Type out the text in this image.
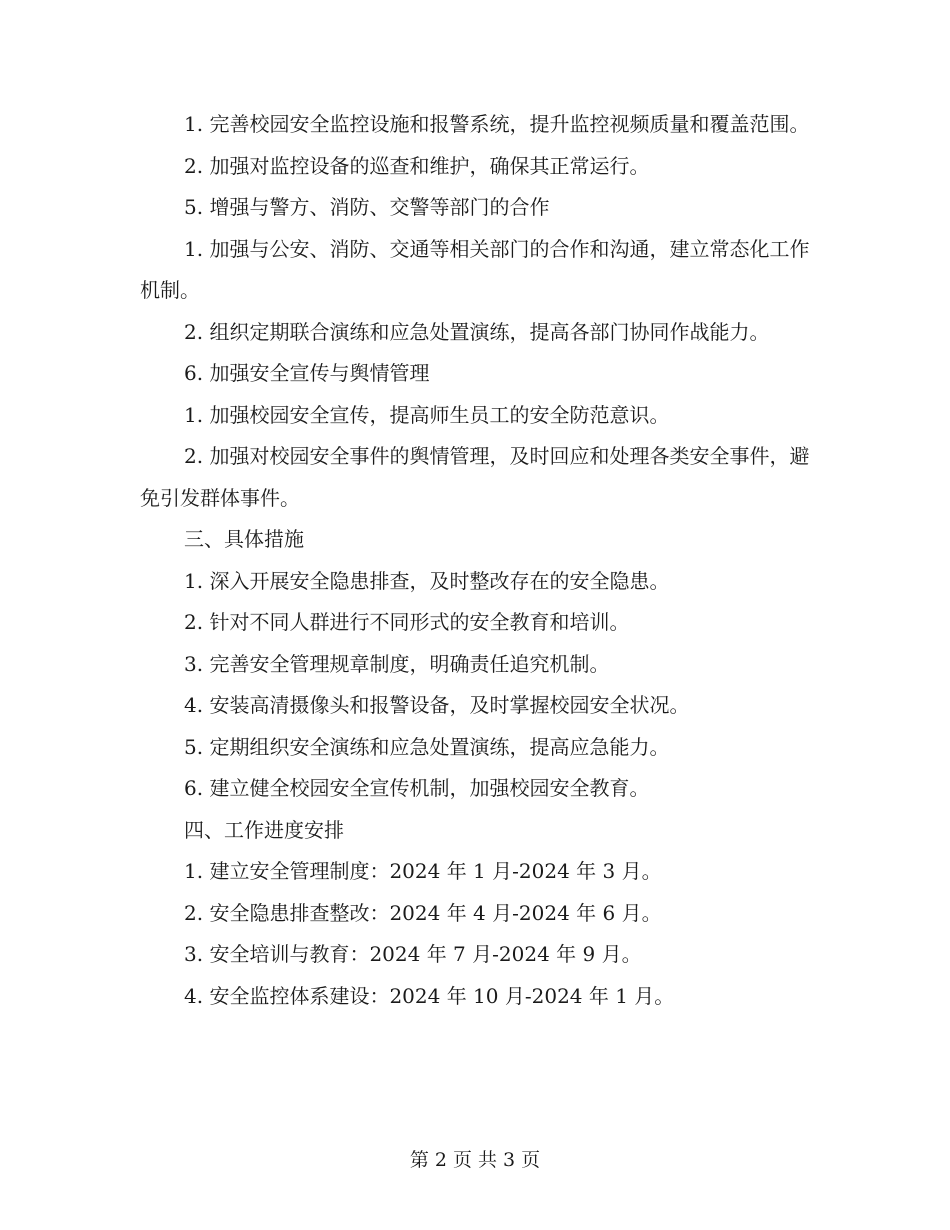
1. 完善校园安全监控设施和报警系统，提升监控视频质量和覆盖范围。

2. 加强对监控设备的巡查和维护，确保其正常运行。

5. 增强与警方、消防、交警等部门的合作

1. 加强与公安、消防、交通等相关部门的合作和沟通，建立常态化工作机制。

2. 组织定期联合演练和应急处置演练，提高各部门协同作战能力。

6. 加强安全宣传与舆情管理

1. 加强校园安全宣传，提高师生员工的安全防范意识。

2. 加强对校园安全事件的舆情管理，及时回应和处理各类安全事件，避免引发群体事件。

三、具体措施

1. 深入开展安全隐患排查，及时整改存在的安全隐患。

2. 针对不同人群进行不同形式的安全教育和培训。

3. 完善安全管理规章制度，明确责任追究机制。

4. 安装高清摄像头和报警设备，及时掌握校园安全状况。

5. 定期组织安全演练和应急处置演练，提高应急能力。

6. 建立健全校园安全宣传机制，加强校园安全教育。

四、工作进度安排

1. 建立安全管理制度：2024 年 1 月-2024 年 3 月。

2. 安全隐患排查整改：2024 年 4 月-2024 年 6 月。

3. 安全培训与教育：2024 年 7 月-2024 年 9 月。

4. 安全监控体系建设：2024 年 10 月-2024 年 1 月。

第 2 页 共 3 页
